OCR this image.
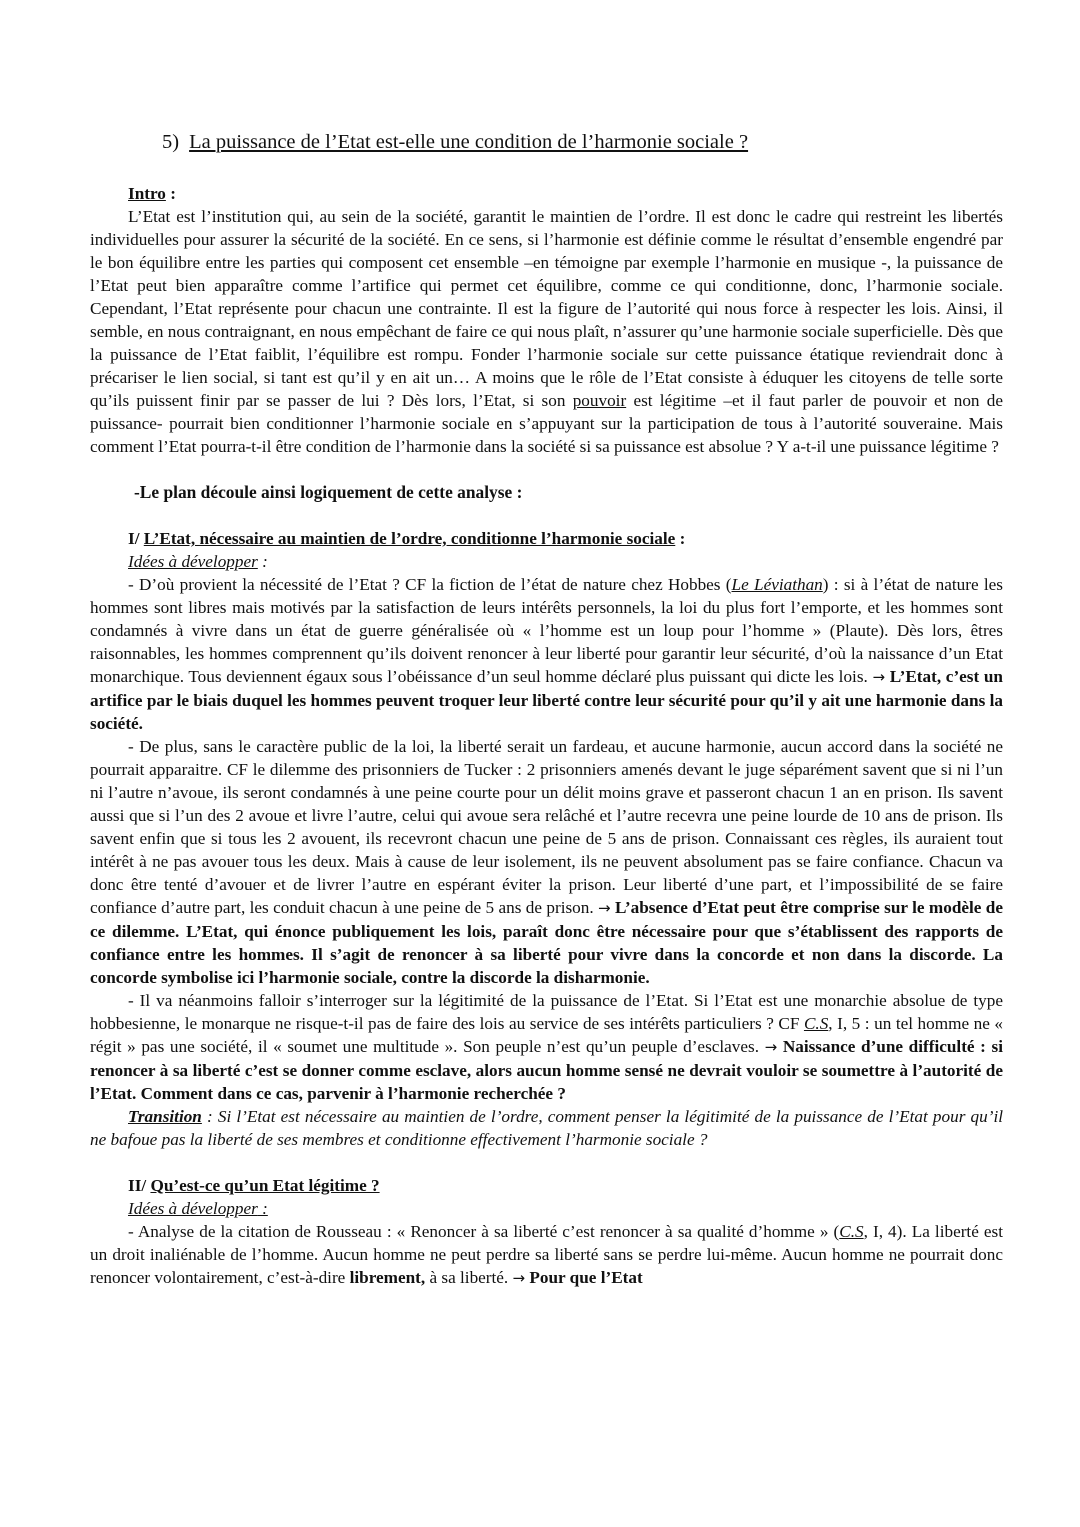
5) La puissance de l’Etat est-elle une condition de l’harmonie sociale ?
Intro :

L’Etat est l’institution qui, au sein de la société, garantit le maintien de l’ordre. Il est donc le cadre qui restreint les libertés individuelles pour assurer la sécurité de la société. En ce sens, si l’harmonie est définie comme le résultat d’ensemble engendré par le bon équilibre entre les parties qui composent cet ensemble –en témoigne par exemple l’harmonie en musique -, la puissance de l’Etat peut bien apparaître comme l’artifice qui permet cet équilibre, comme ce qui conditionne, donc, l’harmonie sociale. Cependant, l’Etat représente pour chacun une contrainte. Il est la figure de l’autorité qui nous force à respecter les lois. Ainsi, il semble, en nous contraignant, en nous empêchant de faire ce qui nous plaît, n’assurer qu’une harmonie sociale superficielle. Dès que la puissance de l’Etat faiblit, l’équilibre est rompu. Fonder l’harmonie sociale sur cette puissance étatique reviendrait donc à précariser le lien social, si tant est qu’il y en ait un… A moins que le rôle de l’Etat consiste à éduquer les citoyens de telle sorte qu’ils puissent finir par se passer de lui ? Dès lors, l’Etat, si son pouvoir est légitime –et il faut parler de pouvoir et non de puissance- pourrait bien conditionner l’harmonie sociale en s’appuyant sur la participation de tous à l’autorité souveraine. Mais comment l’Etat pourra-t-il être condition de l’harmonie dans la société si sa puissance est absolue ? Y a-t-il une puissance légitime ?

-Le plan découle ainsi logiquement de cette analyse :
I/ L’Etat, nécessaire au maintien de l’ordre, conditionne l’harmonie sociale :
Idées à développer :

- D’où provient la nécessité de l’Etat ? CF la fiction de l’état de nature chez Hobbes (Le Léviathan) : si à l’état de nature les hommes sont libres mais motivés par la satisfaction de leurs intérêts personnels, la loi du plus fort l’emporte, et les hommes sont condamnés à vivre dans un état de guerre généralisée où « l’homme est un loup pour l’homme » (Plaute). Dès lors, êtres raisonnables, les hommes comprennent qu’ils doivent renoncer à leur liberté pour garantir leur sécurité, d’où la naissance d’un Etat monarchique. Tous deviennent égaux sous l’obéissance d’un seul homme déclaré plus puissant qui dicte les lois. → L’Etat, c’est un artifice par le biais duquel les hommes peuvent troquer leur liberté contre leur sécurité pour qu’il y ait une harmonie dans la société.

- De plus, sans le caractère public de la loi, la liberté serait un fardeau, et aucune harmonie, aucun accord dans la société ne pourrait apparaitre. CF le dilemme des prisonniers de Tucker : 2 prisonniers amenés devant le juge séparément savent que si ni l’un ni l’autre n’avoue, ils seront condamnés à une peine courte pour un délit moins grave et passeront chacun 1 an en prison. Ils savent aussi que si l’un des 2 avoue et livre l’autre, celui qui avoue sera relâché et l’autre recevra une peine lourde de 10 ans de prison. Ils savent enfin que si tous les 2 avouent, ils recevront chacun une peine de 5 ans de prison. Connaissant ces règles, ils auraient tout intérêt à ne pas avouer tous les deux. Mais à cause de leur isolement, ils ne peuvent absolument pas se faire confiance. Chacun va donc être tenté d’avouer et de livrer l’autre en espérant éviter la prison. Leur liberté d’une part, et l’impossibilité de se faire confiance d’autre part, les conduit chacun à une peine de 5 ans de prison. → L’absence d’Etat peut être comprise sur le modèle de ce dilemme. L’Etat, qui énonce publiquement les lois, paraît donc être nécessaire pour que s’établissent des rapports de confiance entre les hommes. Il s’agit de renoncer à sa liberté pour vivre dans la concorde et non dans la discorde. La concorde symbolise ici l’harmonie sociale, contre la discorde la disharmonie.

- Il va néanmoins falloir s’interroger sur la légitimité de la puissance de l’Etat. Si l’Etat est une monarchie absolue de type hobbesienne, le monarque ne risque-t-il pas de faire des lois au service de ses intérêts particuliers ? CF C.S, I, 5 : un tel homme ne « régit » pas une société, il « soumet une multitude ». Son peuple n’est qu’un peuple d’esclaves. → Naissance d’une difficulté : si renoncer à sa liberté c’est se donner comme esclave, alors aucun homme sensé ne devrait vouloir se soumettre à l’autorité de l’Etat. Comment dans ce cas, parvenir à l’harmonie recherchée ?

Transition : Si l’Etat est nécessaire au maintien de l’ordre, comment penser la légitimité de la puissance de l’Etat pour qu’il ne bafoue pas la liberté de ses membres et conditionne effectivement l’harmonie sociale ?

II/ Qu’est-ce qu’un Etat légitime ?
Idées à développer :

- Analyse de la citation de Rousseau : « Renoncer à sa liberté c’est renoncer à sa qualité d’homme » (C.S, I, 4). La liberté est un droit inaliénable de l’homme. Aucun homme ne peut perdre sa liberté sans se perdre lui-même. Aucun homme ne pourrait donc renoncer volontairement, c’est-à-dire librement, à sa liberté. → Pour que l’Etat
